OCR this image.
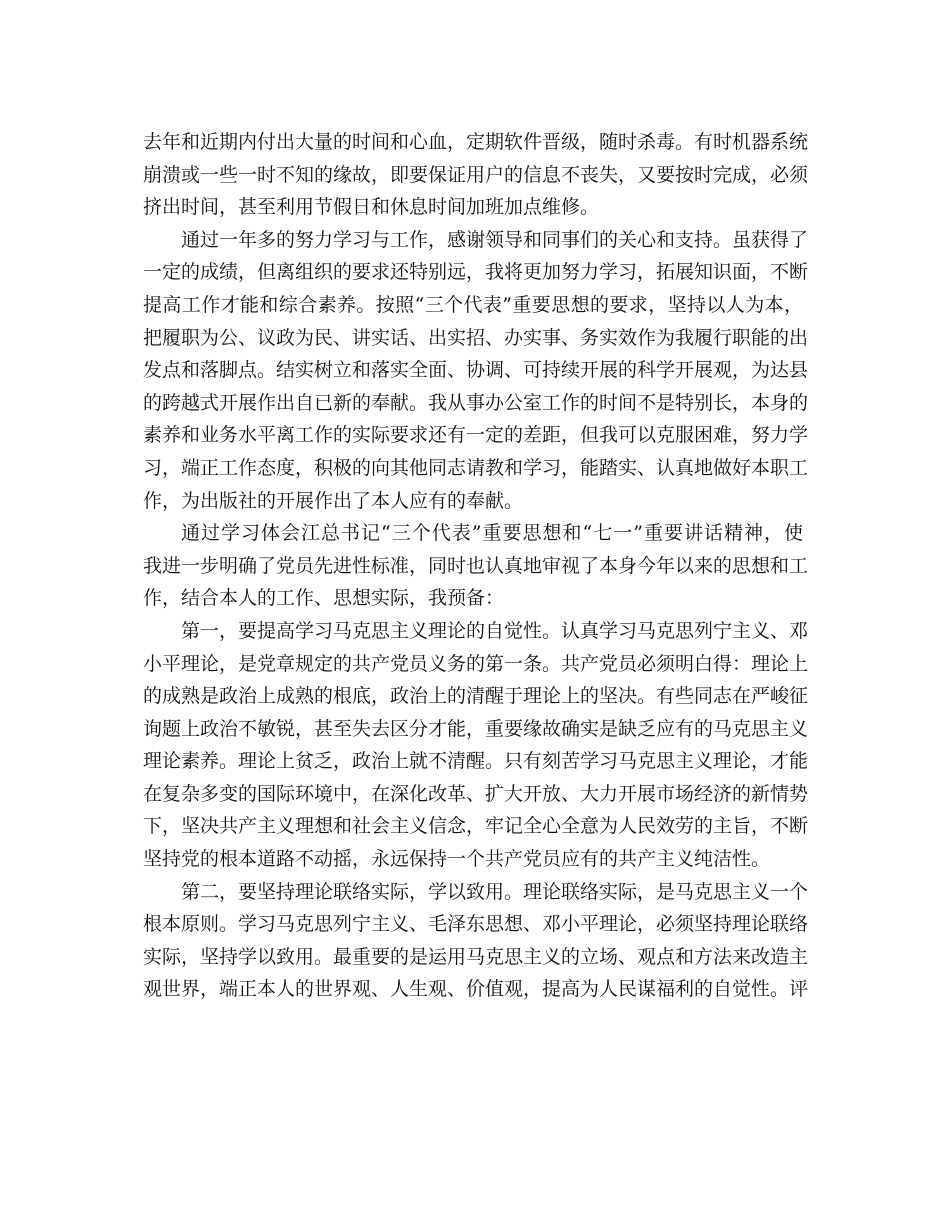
去年和近期内付出大量的时间和心血，定期软件晋级，随时杀毒。有时机器系统
崩溃或一些一时不知的缘故，即要保证用户的信息不丧失，又要按时完成，必须
挤出时间，甚至利用节假日和休息时间加班加点维修。
通过一年多的努力学习与工作，感谢领导和同事们的关心和支持。虽获得了
一定的成绩，但离组织的要求还特别远，我将更加努力学习，拓展知识面，不断
提高工作才能和综合素养。按照“三个代表”重要思想的要求，坚持以人为本，
把履职为公、议政为民、讲实话、出实招、办实事、务实效作为我履行职能的出
发点和落脚点。结实树立和落实全面、协调、可持续开展的科学开展观，为达县
的跨越式开展作出自已新的奉献。我从事办公室工作的时间不是特别长，本身的
素养和业务水平离工作的实际要求还有一定的差距，但我可以克服困难，努力学
习，端正工作态度，积极的向其他同志请教和学习，能踏实、认真地做好本职工
作，为出版社的开展作出了本人应有的奉献。
通过学习体会江总书记“三个代表”重要思想和“七一”重要讲话精神，使
我进一步明确了党员先进性标准，同时也认真地审视了本身今年以来的思想和工
作，结合本人的工作、思想实际，我预备：
第一，要提高学习马克思主义理论的自觉性。认真学习马克思列宁主义、邓
小平理论，是党章规定的共产党员义务的第一条。共产党员必须明白得：理论上
的成熟是政治上成熟的根底，政治上的清醒于理论上的坚决。有些同志在严峻征
询题上政治不敏锐，甚至失去区分才能，重要缘故确实是缺乏应有的马克思主义
理论素养。理论上贫乏，政治上就不清醒。只有刻苦学习马克思主义理论，才能
在复杂多变的国际环境中，在深化改革、扩大开放、大力开展市场经济的新情势
下，坚决共产主义理想和社会主义信念，牢记全心全意为人民效劳的主旨，不断
坚持党的根本道路不动摇，永远保持一个共产党员应有的共产主义纯洁性。
第二，要坚持理论联络实际，学以致用。理论联络实际，是马克思主义一个
根本原则。学习马克思列宁主义、毛泽东思想、邓小平理论，必须坚持理论联络
实际，坚持学以致用。最重要的是运用马克思主义的立场、观点和方法来改造主
观世界，端正本人的世界观、人生观、价值观，提高为人民谋福利的自觉性。评
